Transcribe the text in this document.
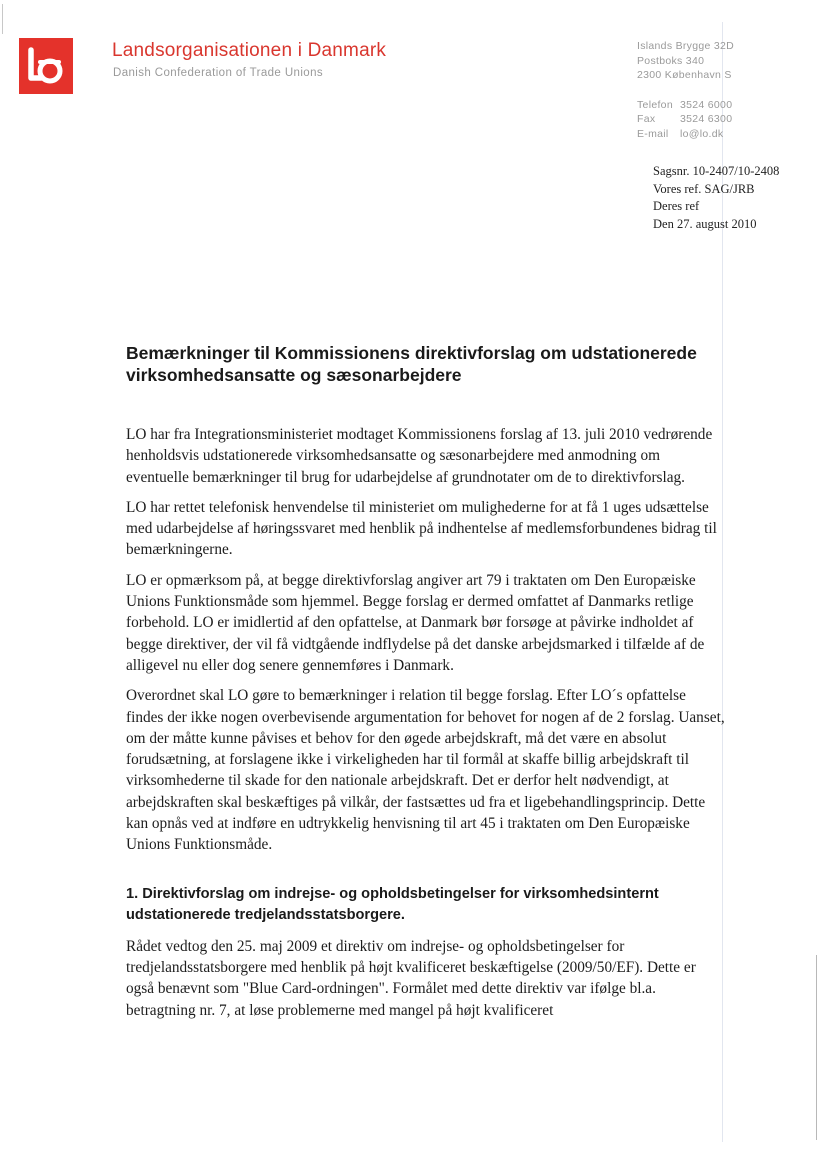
Landsorganisationen i Danmark
Danish Confederation of Trade Unions
Islands Brygge 32D
Postboks 340
2300 København S
Telefon 3524 6000
Fax 3524 6300
E-mail lo@lo.dk
Sagsnr. 10-2407/10-2408
Vores ref. SAG/JRB
Deres ref
Den 27. august 2010
Bemærkninger til Kommissionens direktivforslag om udstationerede virksomhedsansatte og sæsonarbejdere

LO har fra Integrationsministeriet modtaget Kommissionens forslag af 13. juli 2010 vedrørende henholdsvis udstationerede virksomhedsansatte og sæsonarbejdere med anmodning om eventuelle bemærkninger til brug for udarbejdelse af grundnotater om de to direktivforslag.

LO har rettet telefonisk henvendelse til ministeriet om mulighederne for at få 1 uges udsættelse med udarbejdelse af høringssvaret med henblik på indhentelse af medlemsforbundenes bidrag til bemærkningerne.

LO er opmærksom på, at begge direktivforslag angiver art 79 i traktaten om Den Europæiske Unions Funktionsmåde som hjemmel. Begge forslag er dermed omfattet af Danmarks retlige forbehold. LO er imidlertid af den opfattelse, at Danmark bør forsøge at påvirke indholdet af begge direktiver, der vil få vidtgående indflydelse på det danske arbejdsmarked i tilfælde af de alligevel nu eller dog senere gennemføres i Danmark.

Overordnet skal LO gøre to bemærkninger i relation til begge forslag. Efter LO´s opfattelse findes der ikke nogen overbevisende argumentation for behovet for nogen af de 2 forslag. Uanset, om der måtte kunne påvises et behov for den øgede arbejdskraft, må det være en absolut forudsætning, at forslagene ikke i virkeligheden har til formål at skaffe billig arbejdskraft til virksomhederne til skade for den nationale arbejdskraft. Det er derfor helt nødvendigt, at arbejdskraften skal beskæftiges på vilkår, der fastsættes ud fra et ligebehandlingsprincip. Dette kan opnås ved at indføre en udtrykkelig henvisning til art 45 i traktaten om Den Europæiske Unions Funktionsmåde.

1. Direktivforslag om indrejse- og opholdsbetingelser for virksomhedsinternt udstationerede tredjelandsstatsborgere.

Rådet vedtog den 25. maj 2009 et direktiv om indrejse- og opholdsbetingelser for tredjelandsstatsborgere med henblik på højt kvalificeret beskæftigelse (2009/50/EF). Dette er også benævnt som "Blue Card-ordningen". Formålet med dette direktiv var ifølge bl.a. betragtning nr. 7, at løse problemerne med mangel på højt kvalificeret
